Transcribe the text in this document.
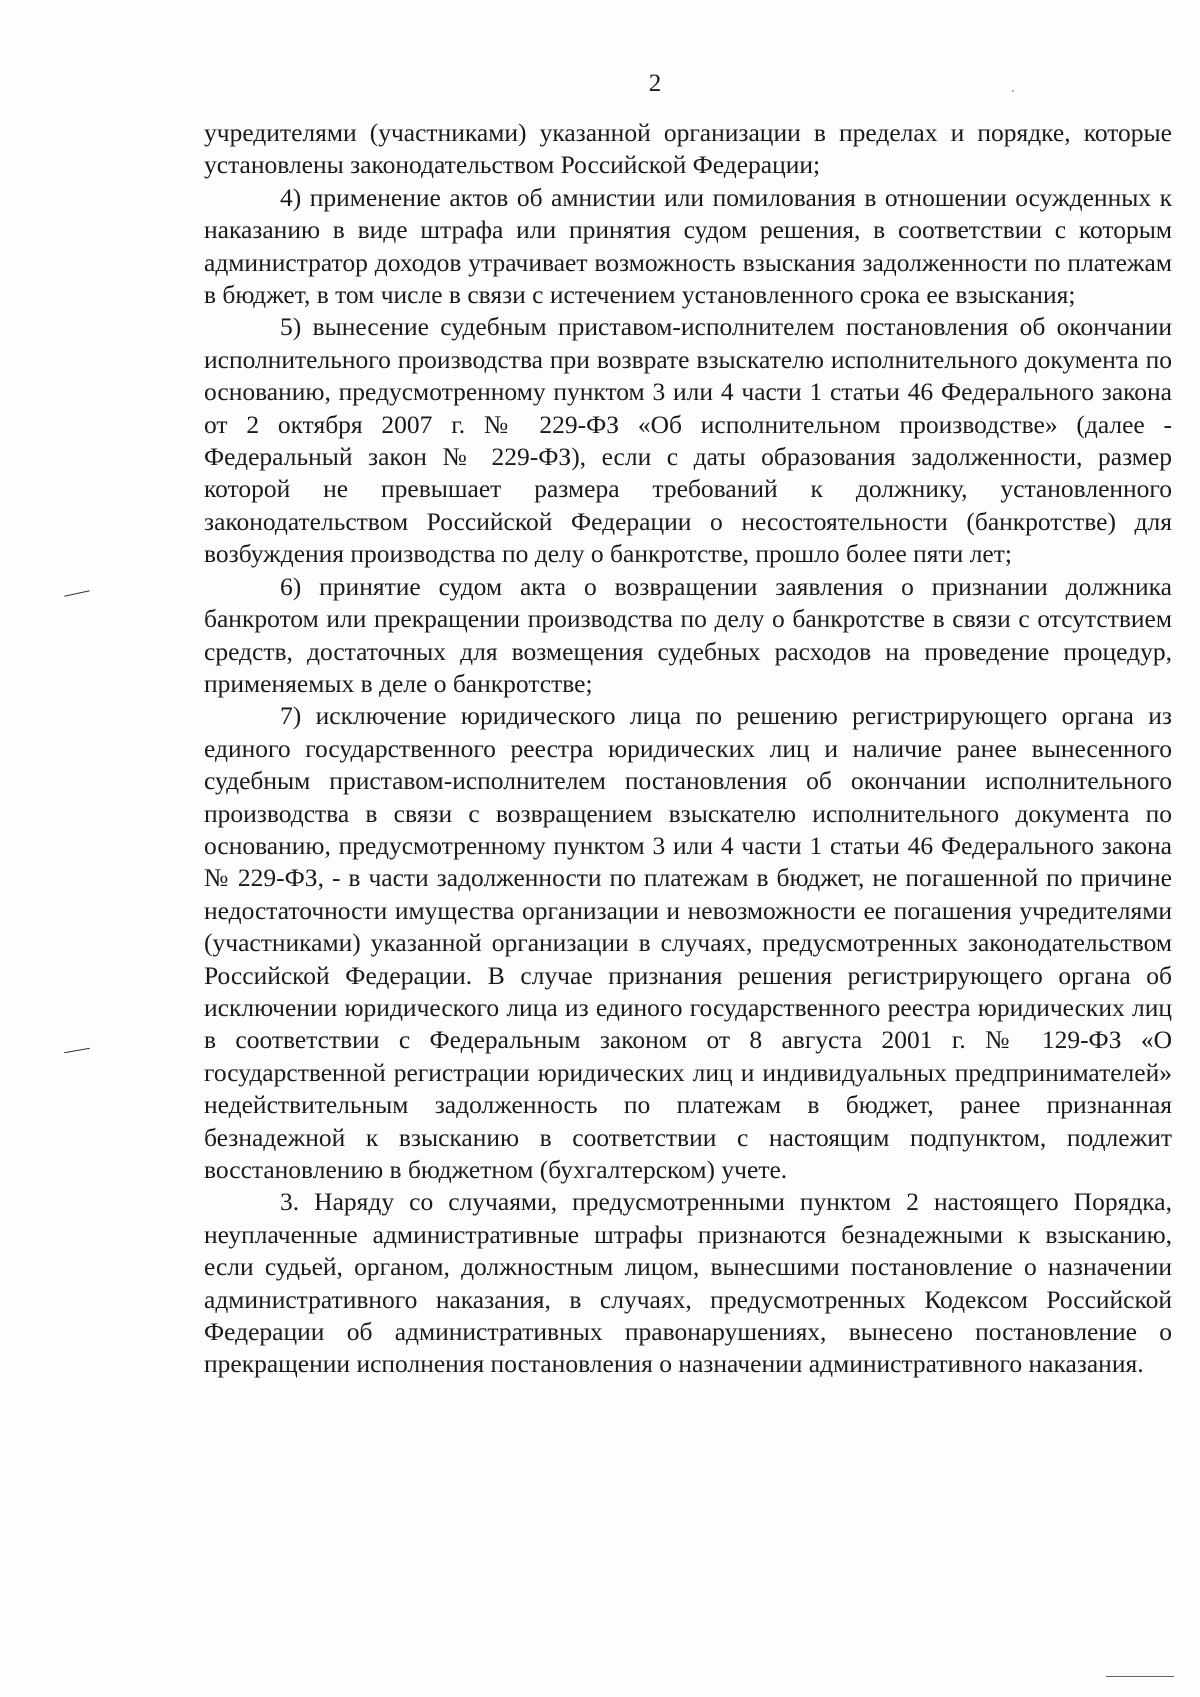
2

учредителями (участниками) указанной организации в пределах и порядке, которые установлены законодательством Российской Федерации;

4) применение актов об амнистии или помилования в отношении осужденных к наказанию в виде штрафа или принятия судом решения, в соответствии с которым администратор доходов утрачивает возможность взыскания задолженности по платежам в бюджет, в том числе в связи с истечением установленного срока ее взыскания;

5) вынесение судебным приставом-исполнителем постановления об окончании исполнительного производства при возврате взыскателю исполнительного документа по основанию, предусмотренному пунктом 3 или 4 части 1 статьи 46 Федерального закона от 2 октября 2007 г. № 229-ФЗ «Об исполнительном производстве» (далее - Федеральный закон № 229-ФЗ), если с даты образования задолженности, размер которой не превышает размера требований к должнику, установленного законодательством Российской Федерации о несостоятельности (банкротстве) для возбуждения производства по делу о банкротстве, прошло более пяти лет;

6) принятие судом акта о возвращении заявления о признании должника банкротом или прекращении производства по делу о банкротстве в связи с отсутствием средств, достаточных для возмещения судебных расходов на проведение процедур, применяемых в деле о банкротстве;

7) исключение юридического лица по решению регистрирующего органа из единого государственного реестра юридических лиц и наличие ранее вынесенного судебным приставом-исполнителем постановления об окончании исполнительного производства в связи с возвращением взыскателю исполнительного документа по основанию, предусмотренному пунктом 3 или 4 части 1 статьи 46 Федерального закона № 229-ФЗ, - в части задолженности по платежам в бюджет, не погашенной по причине недостаточности имущества организации и невозможности ее погашения учредителями (участниками) указанной организации в случаях, предусмотренных законодательством Российской Федерации. В случае признания решения регистрирующего органа об исключении юридического лица из единого государственного реестра юридических лиц в соответствии с Федеральным законом от 8 августа 2001 г. № 129-ФЗ «О государственной регистрации юридических лиц и индивидуальных предпринимателей» недействительным задолженность по платежам в бюджет, ранее признанная безнадежной к взысканию в соответствии с настоящим подпунктом, подлежит восстановлению в бюджетном (бухгалтерском) учете.

3. Наряду со случаями, предусмотренными пунктом 2 настоящего Порядка, неуплаченные административные штрафы признаются безнадежными к взысканию, если судьей, органом, должностным лицом, вынесшими постановление о назначении административного наказания, в случаях, предусмотренных Кодексом Российской Федерации об административных правонарушениях, вынесено постановление о прекращении исполнения постановления о назначении административного наказания.
